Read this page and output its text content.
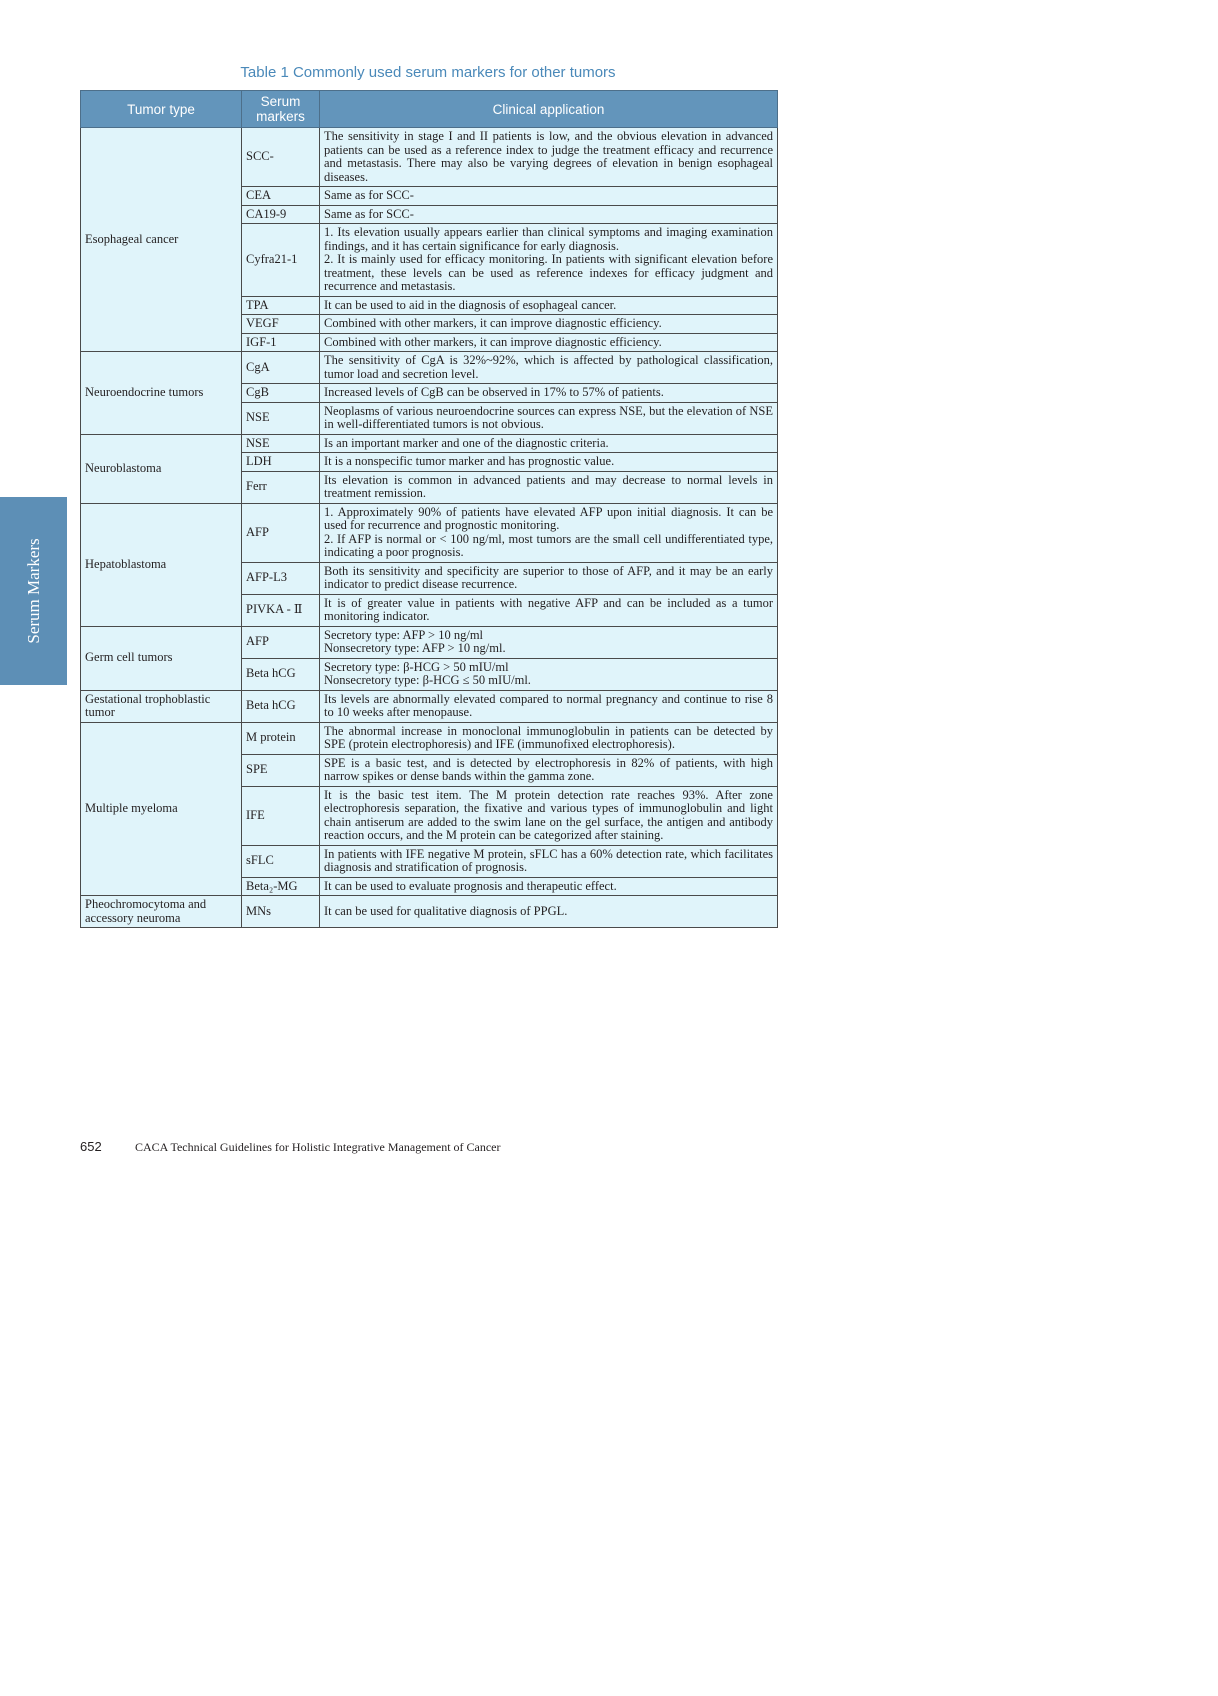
Serum Markers
Table 1 Commonly used serum markers for other tumors
Tumor type	Serum markers	Clinical application
Esophageal cancer	SCC-	The sensitivity in stage I and II patients is low, and the obvious elevation in advanced patients can be used as a reference index to judge the treatment efficacy and recurrence and metastasis. There may also be varying degrees of elevation in benign esophageal diseases.
	CEA	Same as for SCC-
	CA19-9	Same as for SCC-
	Cyfra21-1	1. Its elevation usually appears earlier than clinical symptoms and imaging examination findings, and it has certain significance for early diagnosis.
2. It is mainly used for efficacy monitoring. In patients with significant elevation before treatment, these levels can be used as reference indexes for efficacy judgment and recurrence and metastasis.
	TPA	It can be used to aid in the diagnosis of esophageal cancer.
	VEGF	Combined with other markers, it can improve diagnostic efficiency.
	IGF-1	Combined with other markers, it can improve diagnostic efficiency.
Neuroendocrine tumors	CgA	The sensitivity of CgA is 32%~92%, which is affected by pathological classification, tumor load and secretion level.
	CgB	Increased levels of CgB can be observed in 17% to 57% of patients.
	NSE	Neoplasms of various neuroendocrine sources can express NSE, but the elevation of NSE in well-differentiated tumors is not obvious.
Neuroblastoma	NSE	Is an important marker and one of the diagnostic criteria.
	LDH	It is a nonspecific tumor marker and has prognostic value.
	Ferr	Its elevation is common in advanced patients and may decrease to normal levels in treatment remission.
Hepatoblastoma	AFP	1. Approximately 90% of patients have elevated AFP upon initial diagnosis. It can be used for recurrence and prognostic monitoring.
2. If AFP is normal or < 100 ng/ml, most tumors are the small cell undifferentiated type, indicating a poor prognosis.
	AFP-L3	Both its sensitivity and specificity are superior to those of AFP, and it may be an early indicator to predict disease recurrence.
	PIVKA - Ⅱ	It is of greater value in patients with negative AFP and can be included as a tumor monitoring indicator.
Germ cell tumors	AFP	Secretory type: AFP > 10 ng/ml
Nonsecretory type: AFP > 10 ng/ml.
	Beta hCG	Secretory type: β-HCG > 50 mIU/ml
Nonsecretory type: β-HCG ≤ 50 mIU/ml.
Gestational trophoblastic tumor	Beta hCG	Its levels are abnormally elevated compared to normal pregnancy and continue to rise 8 to 10 weeks after menopause.
Multiple myeloma	M protein	The abnormal increase in monoclonal immunoglobulin in patients can be detected by SPE (protein electrophoresis) and IFE (immunofixed electrophoresis).
	SPE	SPE is a basic test, and is detected by electrophoresis in 82% of patients, with high narrow spikes or dense bands within the gamma zone.
	IFE	It is the basic test item. The M protein detection rate reaches 93%. After zone electrophoresis separation, the fixative and various types of immunoglobulin and light chain antiserum are added to the swim lane on the gel surface, the antigen and antibody reaction occurs, and the M protein can be categorized after staining.
	sFLC	In patients with IFE negative M protein, sFLC has a 60% detection rate, which facilitates diagnosis and stratification of prognosis.
	Beta₂-MG	It can be used to evaluate prognosis and therapeutic effect.
Pheochromocytoma and accessory neuroma	MNs	It can be used for qualitative diagnosis of PPGL.
652	CACA Technical Guidelines for Holistic Integrative Management of Cancer
